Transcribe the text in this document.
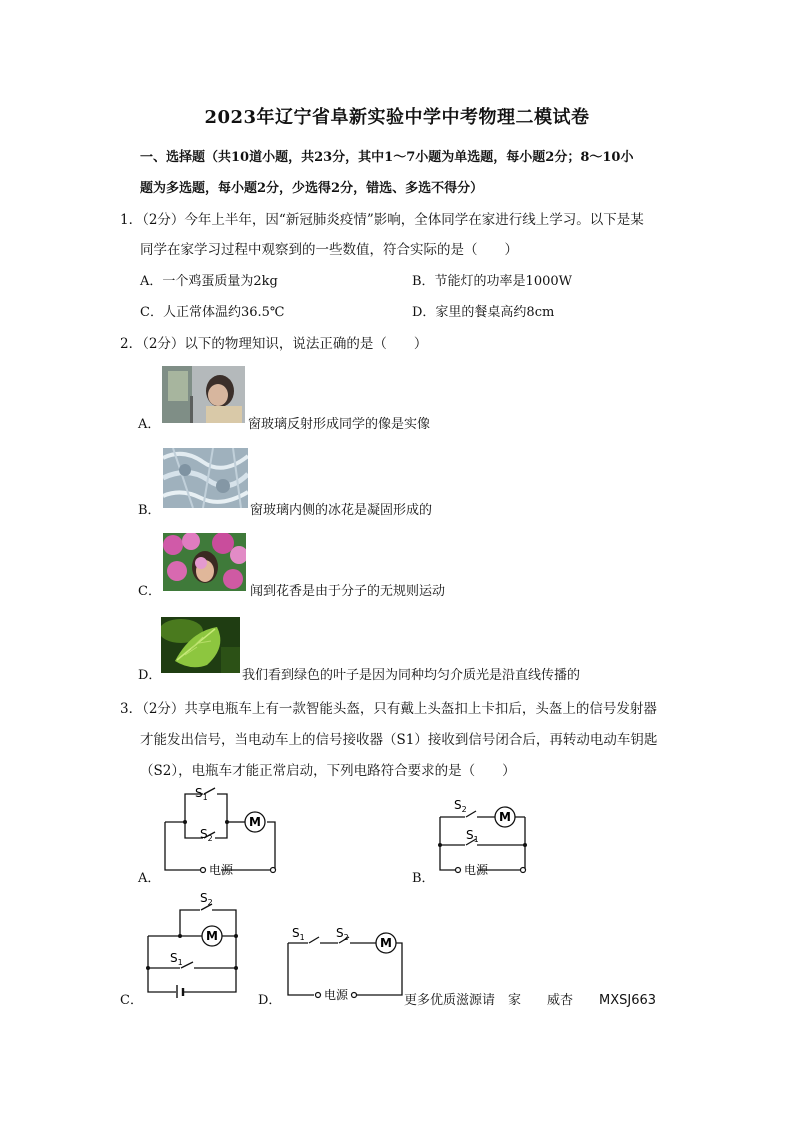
2023年辽宁省阜新实验中学中考物理二模试卷
一、选择题（共10道小题，共23分，其中1～7小题为单选题，每小题2分；8～10小
题为多选题，每小题2分，少选得2分，错选、多选不得分）
1．（2分）今年上半年，因“新冠肺炎疫情”影响，全体同学在家进行线上学习。以下是某
同学在家学习过程中观察到的一些数值，符合实际的是（　　）
A．一个鸡蛋质量为2kg	B．节能灯的功率是1000W
C．人正常体温约36.5℃	D．家里的餐桌高约8cm
2．（2分）以下的物理知识，说法正确的是（　　）
A．	窗玻璃反射形成同学的像是实像
B．	窗玻璃内侧的冰花是凝固形成的
C．	闻到花香是由于分子的无规则运动
D．	我们看到绿色的叶子是因为同种均匀介质光是沿直线传播的
3．（2分）共享电瓶车上有一款智能头盔，只有戴上头盔扣上卡扣后，头盔上的信号发射器
才能发出信号，当电动车上的信号接收器（S1）接收到信号闭合后，再转动电动车钥匙
（S2），电瓶车才能正常启动，下列电路符合要求的是（　　）
A．
M
$S_1$
$S_2$
电源
B．
M
$S_2$
$S_1$
电源
C．
M
$S_2$
$S_1$
D．
M
$S_1$	$S_2$
电源	更多优质滋源请　家　　威杏　　MXSJ663
